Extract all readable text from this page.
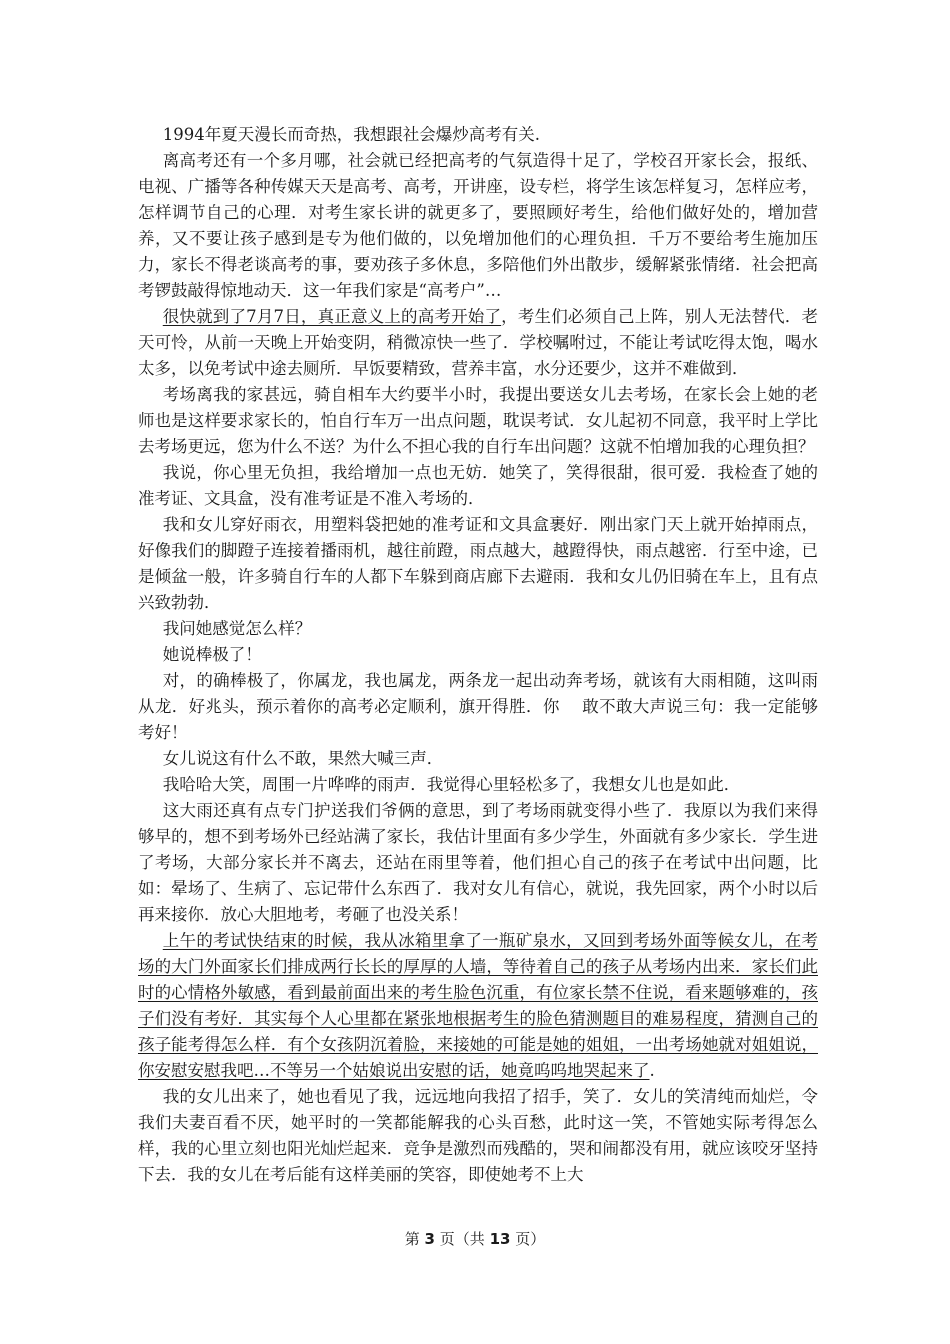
1994年夏天漫长而奇热，我想跟社会爆炒高考有关.

离高考还有一个多月哪，社会就已经把高考的气氛造得十足了，学校召开家长会，报纸、电视、广播等各种传媒天天是高考、高考，开讲座，设专栏，将学生该怎样复习，怎样应考，怎样调节自己的心理．对考生家长讲的就更多了，要照顾好考生，给他们做好处的，增加营养，又不要让孩子感到是专为他们做的，以免增加他们的心理负担．千万不要给考生施加压力，家长不得老谈高考的事，要劝孩子多休息，多陪他们外出散步，缓解紧张情绪．社会把高考锣鼓敲得惊地动天．这一年我们家是“高考户”…

很快就到了7月7日，真正意义上的高考开始了，考生们必须自己上阵，别人无法替代．老天可怜，从前一天晚上开始变阴，稍微凉快一些了．学校嘱咐过，不能让考试吃得太饱，喝水太多，以免考试中途去厕所．早饭要精致，营养丰富，水分还要少，这并不难做到．

考场离我的家甚远，骑自相车大约要半小时，我提出要送女儿去考场，在家长会上她的老师也是这样要求家长的，怕自行车万一出点问题，耽误考试．女儿起初不同意，我平时上学比去考场更远，您为什么不送？为什么不担心我的自行车出问题？这就不怕增加我的心理负担？

我说，你心里无负担，我给增加一点也无妨．她笑了，笑得很甜，很可爱．我检查了她的准考证、文具盒，没有准考证是不准入考场的．

我和女儿穿好雨衣，用塑料袋把她的准考证和文具盒裹好．刚出家门天上就开始掉雨点，好像我们的脚蹬子连接着播雨机，越往前蹬，雨点越大，越蹬得快，雨点越密．行至中途，已是倾盆一般，许多骑自行车的人都下车躲到商店廊下去避雨．我和女儿仍旧骑在车上，且有点兴致勃勃．

我问她感觉怎么样？

她说棒极了！

对，的确棒极了，你属龙，我也属龙，两条龙一起出动奔考场，就该有大雨相随，这叫雨从龙．好兆头，预示着你的高考必定顺利，旗开得胜．你　 敢不敢大声说三句：我一定能够考好！

女儿说这有什么不敢，果然大喊三声．

我哈哈大笑，周围一片哗哗的雨声．我觉得心里轻松多了，我想女儿也是如此．

这大雨还真有点专门护送我们爷俩的意思，到了考场雨就变得小些了．我原以为我们来得够早的，想不到考场外已经站满了家长，我估计里面有多少学生，外面就有多少家长．学生进了考场，大部分家长并不离去，还站在雨里等着，他们担心自己的孩子在考试中出问题，比如：晕场了、生病了、忘记带什么东西了．我对女儿有信心，就说，我先回家，两个小时以后再来接你．放心大胆地考，考砸了也没关系！

上午的考试快结束的时候，我从冰箱里拿了一瓶矿泉水，又回到考场外面等候女儿，在考场的大门外面家长们排成两行长长的厚厚的人墙，等待着自己的孩子从考场内出来．家长们此时的心情格外敏感，看到最前面出来的考生脸色沉重，有位家长禁不住说，看来题够难的，孩子们没有考好．其实每个人心里都在紧张地根据考生的脸色猜测题目的难易程度，猜测自己的孩子能考得怎么样．有个女孩阴沉着脸，来接她的可能是她的姐姐，一出考场她就对姐姐说，你安慰安慰我吧…不等另一个姑娘说出安慰的话，她竟呜呜地哭起来了.

我的女儿出来了，她也看见了我，远远地向我招了招手，笑了．女儿的笑清纯而灿烂，令我们夫妻百看不厌，她平时的一笑都能解我的心头百愁，此时这一笑，不管她实际考得怎么样，我的心里立刻也阳光灿烂起来．竞争是激烈而残酷的，哭和闹都没有用，就应该咬牙坚持下去．我的女儿在考后能有这样美丽的笑容，即使她考不上大

第 3 页（共 13 页）
